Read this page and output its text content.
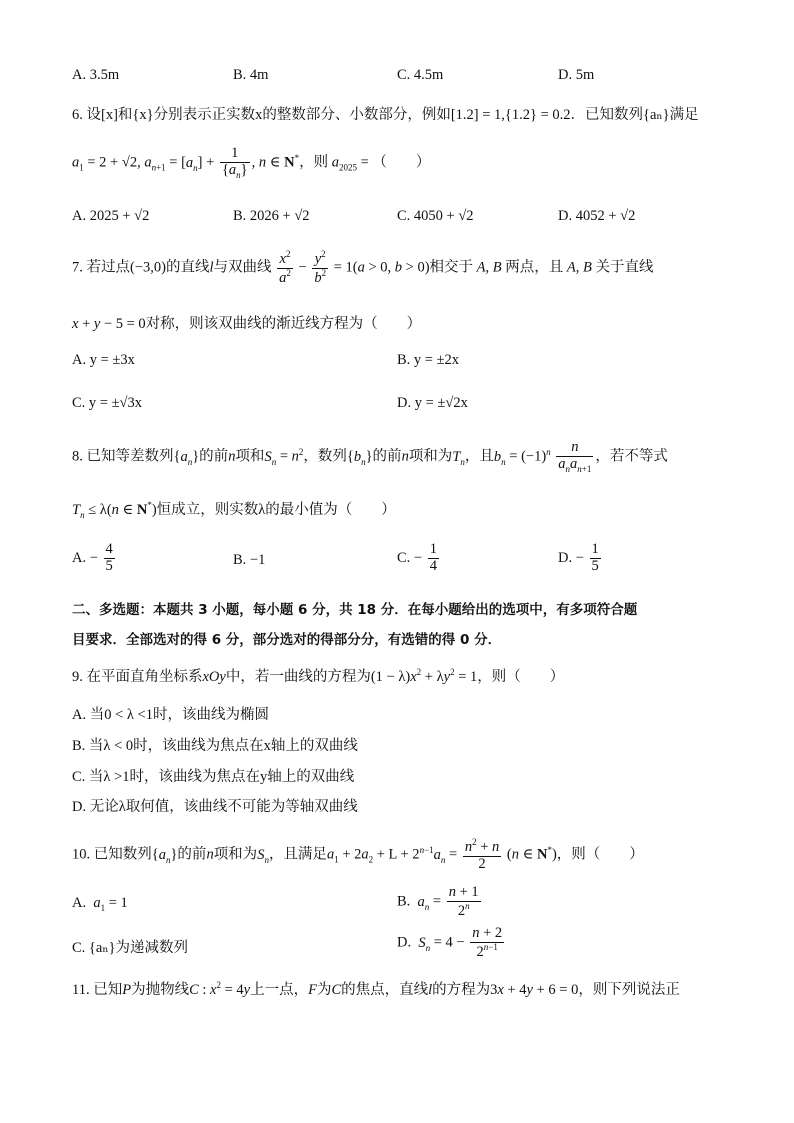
A. 3.5m	B. 4m	C. 4.5m	D. 5m
6. 设[x]和{x}分别表示正实数x的整数部分、小数部分，例如[1.2] = 1,{1.2} = 0.2．已知数列{aₙ}满足
$a_1 = 2 + √2$, $a_{n+1} = [a_n] + \frac{1}{\{a_n\}}$ , n ∈ N*，则 $a_{2025}$ = （　　）
A. 2025 + √2	B. 2026 + √2	C. 4050 + √2	D. 4052 + √2
7. 若过点(−3,0)的直线l与双曲线 $\frac{x^2}{a^2} - \frac{y^2}{b^2} = 1(a > 0$, b > 0)相交于 A, B 两点，且 A, B 关于直线
x + y − 5 = 0对称，则该双曲线的渐近线方程为（　　）
A. y = ±3x	B. y = ±2x
C. y = ±√3x	D. y = ±√2x
8. 已知等差数列$\{a_n\}$的前n项和$S_n = n^2$，数列$\{b_n\}$的前n项和为$T_n$，且$b_n = (-1)^n \frac{n}{a_na_{n+1}}$ ，若不等式
$T_n \le \lambda(n$ ∈ N*)恒成立，则实数λ的最小值为（　　）
A. − $\frac{4}{5}$	B. −1	C. − $\frac{1}{4}$	D. − $\frac{1}{5}$
二、多选题：本题共 3 小题，每小题 6 分，共 18 分．在每小题给出的选项中，有多项符合题
目要求．全部选对的得 6 分，部分选对的得部分分，有选错的得 0 分．
9. 在平面直角坐标系xOy中，若一曲线的方程为$(1 - \lambda)x^2 + \lambda y^2 = 1$，则（　　）
A. 当0 < λ <1时，该曲线为椭圆
B. 当λ < 0时，该曲线为焦点在x轴上的双曲线
C. 当λ >1时，该曲线为焦点在y轴上的双曲线
D. 无论λ取何值，该曲线不可能为等轴双曲线
10. 已知数列$\{a_n\}$的前n项和为$S_n$，且满足$a_1 + 2a_2 + L + 2^{n-1}a_n = \frac{n^2 + n}{2} (n$ ∈ N*)，则（　　）
A.  $a_1 = 1$	B.  $a_n = \frac{n + 1}{2^n}$
C. {aₙ}为递减数列	D.  $S_n = 4 - \frac{n + 2}{2^{n-1}}$
11. 已知P为抛物线C : $x^2 = 4y$上一点，F为C的焦点，直线l的方程为3x + 4y + 6 = 0，则下列说法正
